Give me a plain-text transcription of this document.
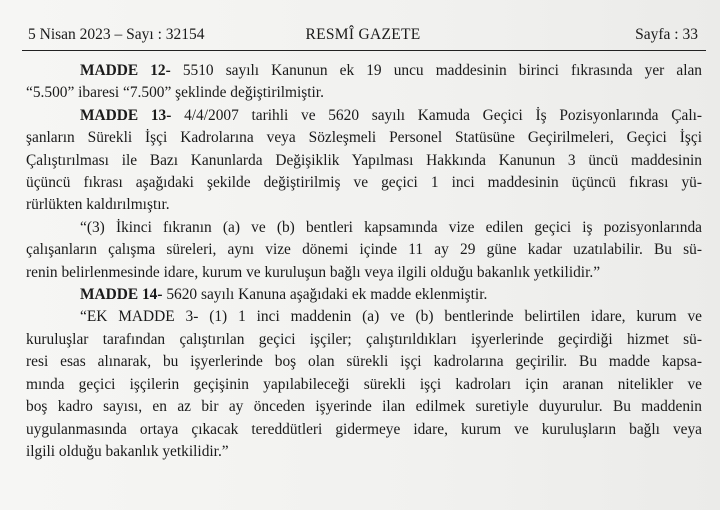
5 Nisan 2023 – Sayı : 32154	RESMÎ GAZETE	Sayfa : 33
MADDE 12- 5510 sayılı Kanunun ek 19 uncu maddesinin birinci fıkrasında yer alan
“5.500” ibaresi “7.500” şeklinde değiştirilmiştir.
MADDE 13- 4/4/2007 tarihli ve 5620 sayılı Kamuda Geçici İş Pozisyonlarında Çalı-
şanların Sürekli İşçi Kadrolarına veya Sözleşmeli Personel Statüsüne Geçirilmeleri, Geçici İşçi
Çalıştırılması ile Bazı Kanunlarda Değişiklik Yapılması Hakkında Kanunun 3 üncü maddesinin
üçüncü fıkrası aşağıdaki şekilde değiştirilmiş ve geçici 1 inci maddesinin üçüncü fıkrası yü-
rürlükten kaldırılmıştır.
“(3) İkinci fıkranın (a) ve (b) bentleri kapsamında vize edilen geçici iş pozisyonlarında
çalışanların çalışma süreleri, aynı vize dönemi içinde 11 ay 29 güne kadar uzatılabilir. Bu sü-
renin belirlenmesinde idare, kurum ve kuruluşun bağlı veya ilgili olduğu bakanlık yetkilidir.”
MADDE 14- 5620 sayılı Kanuna aşağıdaki ek madde eklenmiştir.
“EK MADDE 3- (1) 1 inci maddenin (a) ve (b) bentlerinde belirtilen idare, kurum ve
kuruluşlar tarafından çalıştırılan geçici işçiler; çalıştırıldıkları işyerlerinde geçirdiği hizmet sü-
resi esas alınarak, bu işyerlerinde boş olan sürekli işçi kadrolarına geçirilir. Bu madde kapsa-
mında geçici işçilerin geçişinin yapılabileceği sürekli işçi kadroları için aranan nitelikler ve
boş kadro sayısı, en az bir ay önceden işyerinde ilan edilmek suretiyle duyurulur. Bu maddenin
uygulanmasında ortaya çıkacak tereddütleri gidermeye idare, kurum ve kuruluşların bağlı veya
ilgili olduğu bakanlık yetkilidir.”
